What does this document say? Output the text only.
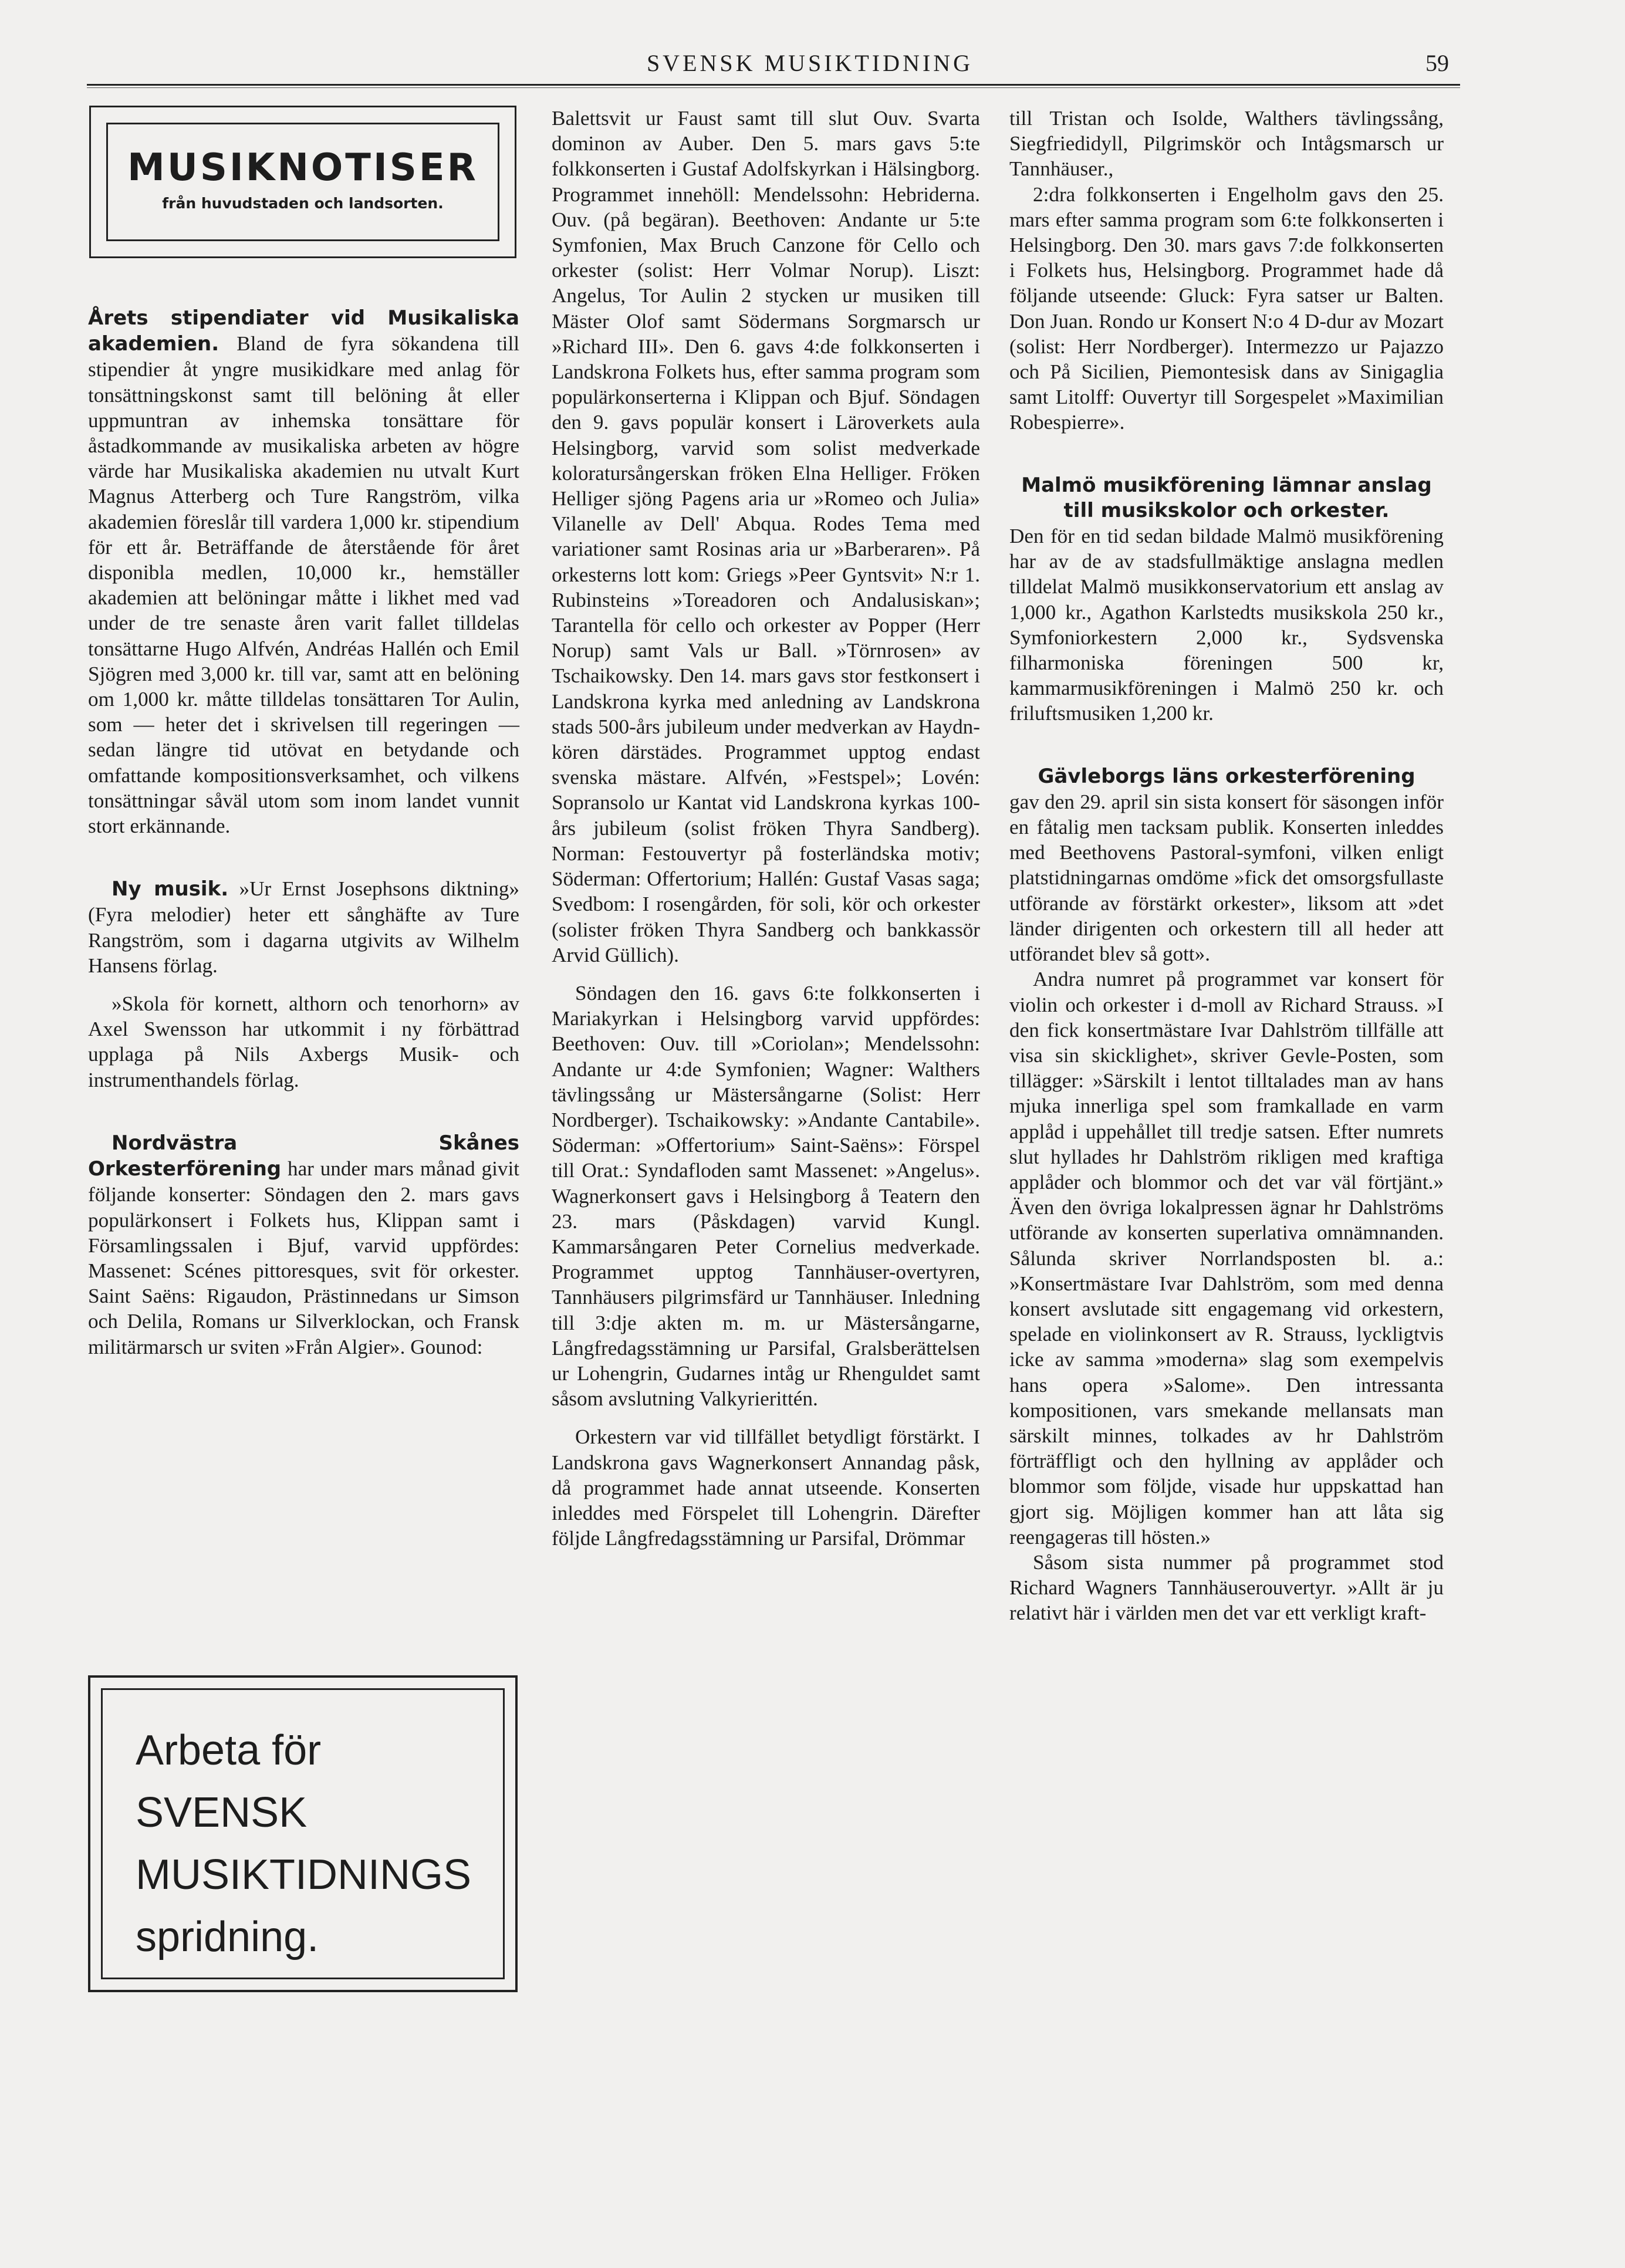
SVENSK MUSIKTIDNING	59
MUSIKNOTISER
från huvudstaden och landsorten.

Årets stipendiater vid Musikaliska akademien. Bland de fyra sökandena till stipendier åt yngre musikidkare med anlag för tonsättningskonst samt till belöning åt eller uppmuntran av inhemska tonsättare för åstadkommande av musikaliska arbeten av högre värde har Musikaliska akademien nu utvalt Kurt Magnus Atterberg och Ture Rangström, vilka akademien föreslår till vardera 1,000 kr. stipendium för ett år. Beträffande de återstående för året disponibla medlen, 10,000 kr., hemställer akademien att belöningar måtte i likhet med vad under de tre senaste åren varit fallet tilldelas tonsättarne Hugo Alfvén, Andréas Hallén och Emil Sjögren med 3,000 kr. till var, samt att en belöning om 1,000 kr. måtte tilldelas tonsättaren Tor Aulin, som — heter det i skrivelsen till regeringen — sedan längre tid utövat en betydande och omfattande kompositionsverksamhet, och vilkens tonsättningar såväl utom som inom landet vunnit stort erkännande.

Ny musik. »Ur Ernst Josephsons diktning» (Fyra melodier) heter ett sånghäfte av Ture Rangström, som i dagarna utgivits av Wilhelm Hansens förlag.

»Skola för kornett, althorn och tenorhorn» av Axel Swensson har utkommit i ny förbättrad upplaga på Nils Axbergs Musik- och instrumenthandels förlag.

Nordvästra Skånes Orkesterförening har under mars månad givit följande konserter: Söndagen den 2. mars gavs populärkonsert i Folkets hus, Klippan samt i Församlingssalen i Bjuf, varvid uppfördes: Massenet: Scénes pittoresques, svit för orkester. Saint Saëns: Rigaudon, Prästinnedans ur Simson och Delila, Romans ur Silverklockan, och Fransk militärmarsch ur sviten »Från Algier». Gounod:

Arbeta för
SVENSK
MUSIKTIDNINGS
spridning.

Balettsvit ur Faust samt till slut Ouv. Svarta dominon av Auber. Den 5. mars gavs 5:te folkkonserten i Gustaf Adolfskyrkan i Hälsingborg. Programmet innehöll: Mendelssohn: Hebriderna. Ouv. (på begäran). Beethoven: Andante ur 5:te Symfonien, Max Bruch Canzone för Cello och orkester (solist: Herr Volmar Norup). Liszt: Angelus, Tor Aulin 2 stycken ur musiken till Mäster Olof samt Södermans Sorgmarsch ur »Richard III». Den 6. gavs 4:de folkkonserten i Landskrona Folkets hus, efter samma program som populärkonserterna i Klippan och Bjuf. Söndagen den 9. gavs populär konsert i Läroverkets aula Helsingborg, varvid som solist medverkade koloratursångerskan fröken Elna Helliger. Fröken Helliger sjöng Pagens aria ur »Romeo och Julia» Vilanelle av Dell' Abqua. Rodes Tema med variationer samt Rosinas aria ur »Barberaren». På orkesterns lott kom: Griegs »Peer Gyntsvit» N:r 1. Rubinsteins »Toreadoren och Andalusiskan»; Tarantella för cello och orkester av Popper (Herr Norup) samt Vals ur Ball. »Törnrosen» av Tschaikowsky. Den 14. mars gavs stor festkonsert i Landskrona kyrka med anledning av Landskrona stads 500-års jubileum under medverkan av Haydn-kören därstädes. Programmet upptog endast svenska mästare. Alfvén, »Festspel»; Lovén: Sopransolo ur Kantat vid Landskrona kyrkas 100-års jubileum (solist fröken Thyra Sandberg). Norman: Festouvertyr på fosterländska motiv; Söderman: Offertorium; Hallén: Gustaf Vasas saga; Svedbom: I rosengården, för soli, kör och orkester (solister fröken Thyra Sandberg och bankkassör Arvid Güllich).

Söndagen den 16. gavs 6:te folkkonserten i Mariakyrkan i Helsingborg varvid uppfördes: Beethoven: Ouv. till »Coriolan»; Mendelssohn: Andante ur 4:de Symfonien; Wagner: Walthers tävlingssång ur Mästersångarne (Solist: Herr Nordberger). Tschaikowsky: »Andante Cantabile». Söderman: »Offertorium» Saint-Saëns»: Förspel till Orat.: Syndafloden samt Massenet: »Angelus». Wagnerkonsert gavs i Helsingborg å Teatern den 23. mars (Påskdagen) varvid Kungl. Kammarsångaren Peter Cornelius medverkade. Programmet upptog Tannhäuser-overtyren, Tannhäusers pilgrimsfärd ur Tannhäuser. Inledning till 3:dje akten m. m. ur Mästersångarne, Långfredagsstämning ur Parsifal, Gralsberättelsen ur Lohengrin, Gudarnes intåg ur Rhenguldet samt såsom avslutning Valkyrierittén.

Orkestern var vid tillfället betydligt förstärkt. I Landskrona gavs Wagnerkonsert Annandag påsk, då programmet hade annat utseende. Konserten inleddes med Förspelet till Lohengrin. Därefter följde Långfredagsstämning ur Parsifal, Drömmar

till Tristan och Isolde, Walthers tävlingssång, Siegfriedidyll, Pilgrimskör och Intågsmarsch ur Tannhäuser.,

2:dra folkkonserten i Engelholm gavs den 25. mars efter samma program som 6:te folkkonserten i Helsingborg. Den 30. mars gavs 7:de folkkonserten i Folkets hus, Helsingborg. Programmet hade då följande utseende: Gluck: Fyra satser ur Balten. Don Juan. Rondo ur Konsert N:o 4 D-dur av Mozart (solist: Herr Nordberger). Intermezzo ur Pajazzo och På Sicilien, Piemontesisk dans av Sinigaglia samt Litolff: Ouvertyr till Sorgespelet »Maximilian Robespierre».

Malmö musikförening lämnar anslag till musikskolor och orkester.

Den för en tid sedan bildade Malmö musikförening har av de av stadsfullmäktige anslagna medlen tilldelat Malmö musikkonservatorium ett anslag av 1,000 kr., Agathon Karlstedts musikskola 250 kr., Symfoniorkestern 2,000 kr., Sydsvenska filharmoniska föreningen 500 kr, kammarmusikföreningen i Malmö 250 kr. och friluftsmusiken 1,200 kr.

Gävleborgs läns orkesterförening

gav den 29. april sin sista konsert för säsongen inför en fåtalig men tacksam publik. Konserten inleddes med Beethovens Pastoral-symfoni, vilken enligt platstidningarnas omdöme »fick det omsorgsfullaste utförande av förstärkt orkester», liksom att »det länder dirigenten och orkestern till all heder att utförandet blev så gott».

Andra numret på programmet var konsert för violin och orkester i d-moll av Richard Strauss. »I den fick konsertmästare Ivar Dahlström tillfälle att visa sin skicklighet», skriver Gevle-Posten, som tillägger: »Särskilt i lentot tilltalades man av hans mjuka innerliga spel som framkallade en varm applåd i uppehållet till tredje satsen. Efter numrets slut hyllades hr Dahlström rikligen med kraftiga applåder och blommor och det var väl förtjänt.» Även den övriga lokalpressen ägnar hr Dahlströms utförande av konserten superlativa omnämnanden. Sålunda skriver Norrlandsposten bl. a.: »Konsertmästare Ivar Dahlström, som med denna konsert avslutade sitt engagemang vid orkestern, spelade en violinkonsert av R. Strauss, lyckligtvis icke av samma »moderna» slag som exempelvis hans opera »Salome». Den intressanta kompositionen, vars smekande mellansats man särskilt minnes, tolkades av hr Dahlström förträffligt och den hyllning av applåder och blommor som följde, visade hur uppskattad han gjort sig. Möjligen kommer han att låta sig reengageras till hösten.»

Såsom sista nummer på programmet stod Richard Wagners Tannhäuserouvertyr. »Allt är ju relativt här i världen men det var ett verkligt kraft-
